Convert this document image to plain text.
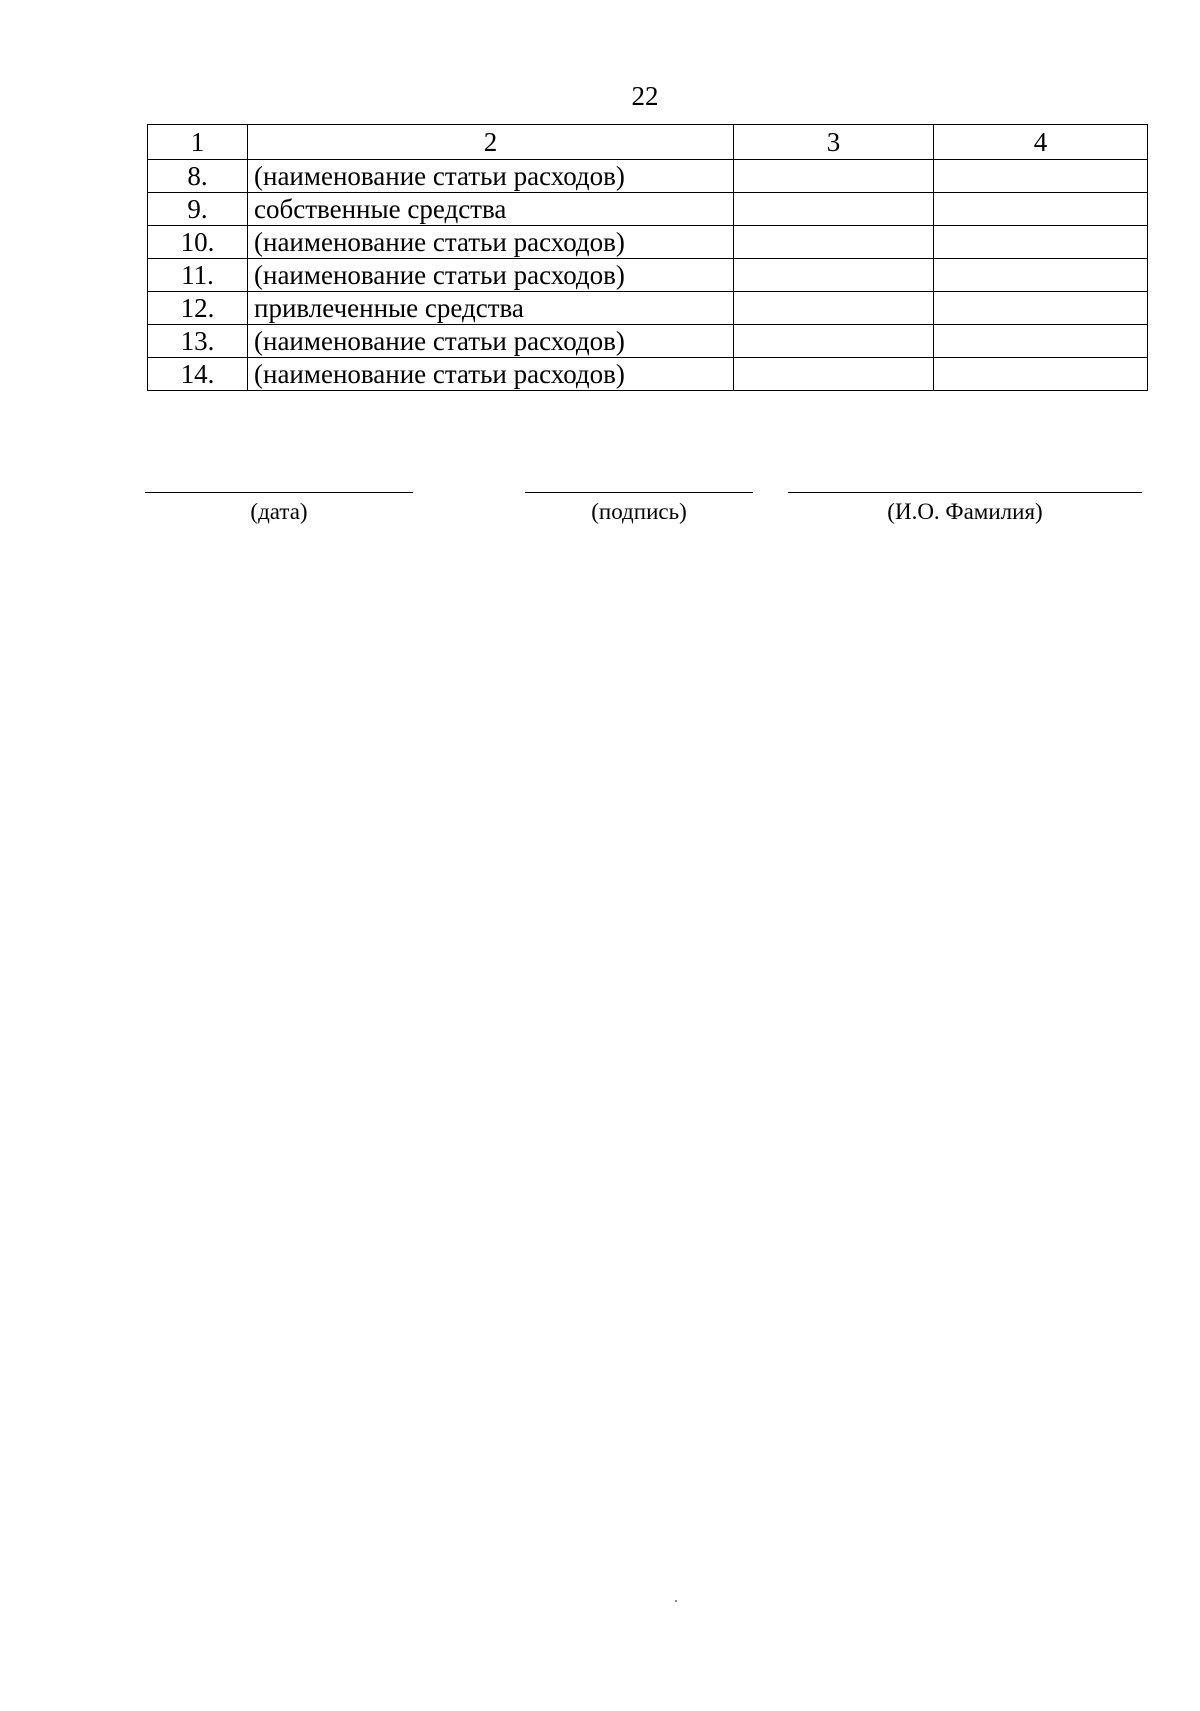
22
1	2	3	4
8.	(наименование статьи расходов)		
9.	собственные средства		
10.	(наименование статьи расходов)		
11.	(наименование статьи расходов)		
12.	привлеченные средства		
13.	(наименование статьи расходов)		
14.	(наименование статьи расходов)		
(дата)	(подпись)	(И.О. Фамилия)
